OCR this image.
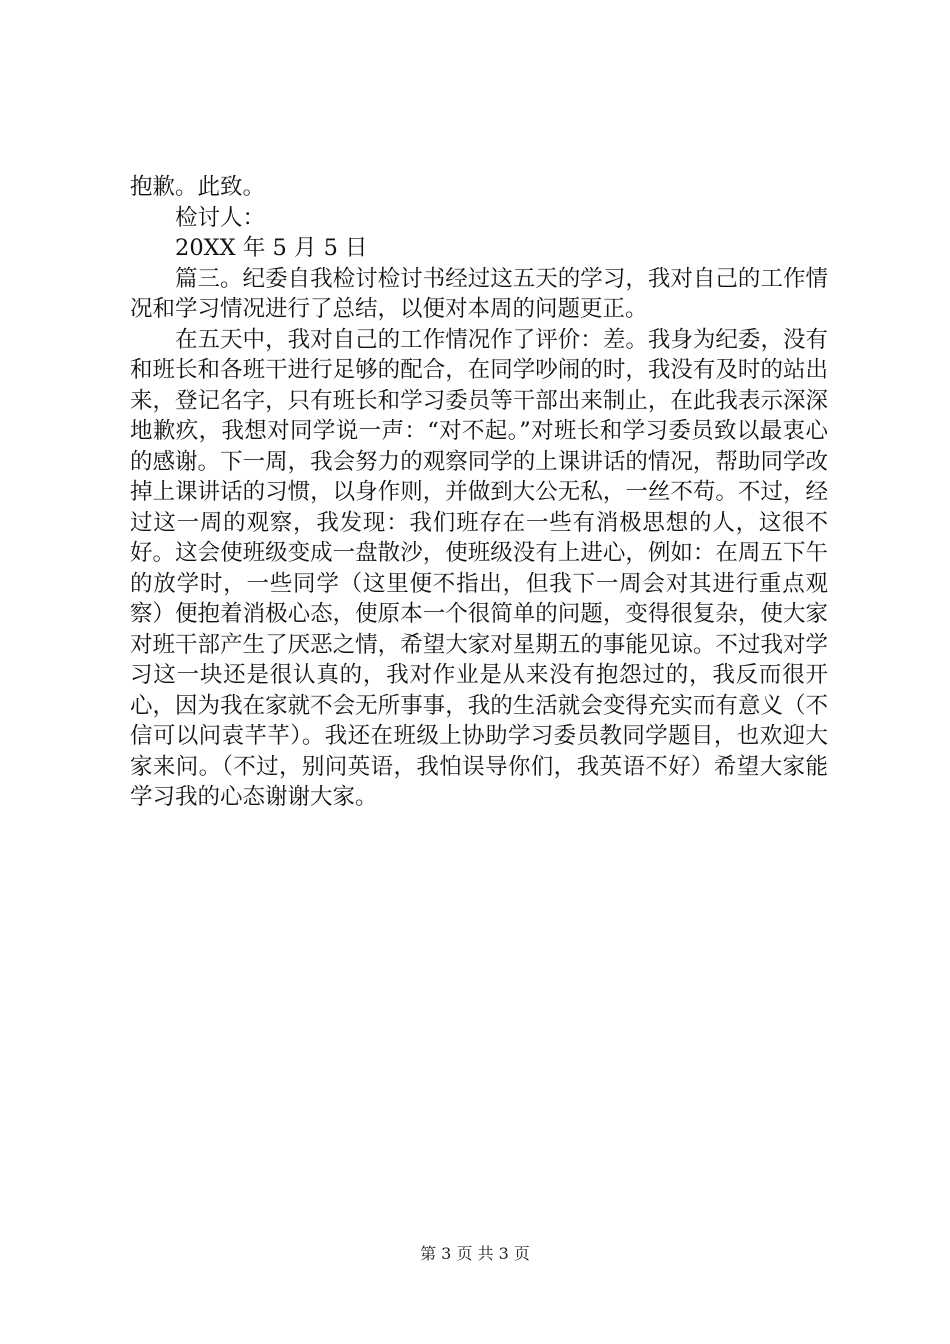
抱歉。此致。
检讨人：
20XX 年 5 月 5 日

篇三。纪委自我检讨检讨书经过这五天的学习，我对自己的工作情况和学习情况进行了总结，以便对本周的问题更正。

在五天中，我对自己的工作情况作了评价：差。我身为纪委，没有和班长和各班干进行足够的配合，在同学吵闹的时，我没有及时的站出来，登记名字，只有班长和学习委员等干部出来制止，在此我表示深深地歉疚，我想对同学说一声：“对不起。”对班长和学习委员致以最衷心的感谢。下一周，我会努力的观察同学的上课讲话的情况，帮助同学改掉上课讲话的习惯，以身作则，并做到大公无私，一丝不苟。不过，经过这一周的观察，我发现：我们班存在一些有消极思想的人，这很不好。这会使班级变成一盘散沙，使班级没有上进心，例如：在周五下午的放学时，一些同学（这里便不指出，但我下一周会对其进行重点观察）便抱着消极心态，使原本一个很简单的问题，变得很复杂，使大家对班干部产生了厌恶之情，希望大家对星期五的事能见谅。不过我对学习这一块还是很认真的，我对作业是从来没有抱怨过的，我反而很开心，因为我在家就不会无所事事，我的生活就会变得充实而有意义（不信可以问袁芊芊）。我还在班级上协助学习委员教同学题目，也欢迎大家来问。（不过，别问英语，我怕误导你们，我英语不好）希望大家能学习我的心态谢谢大家。

第 3 页 共 3 页
